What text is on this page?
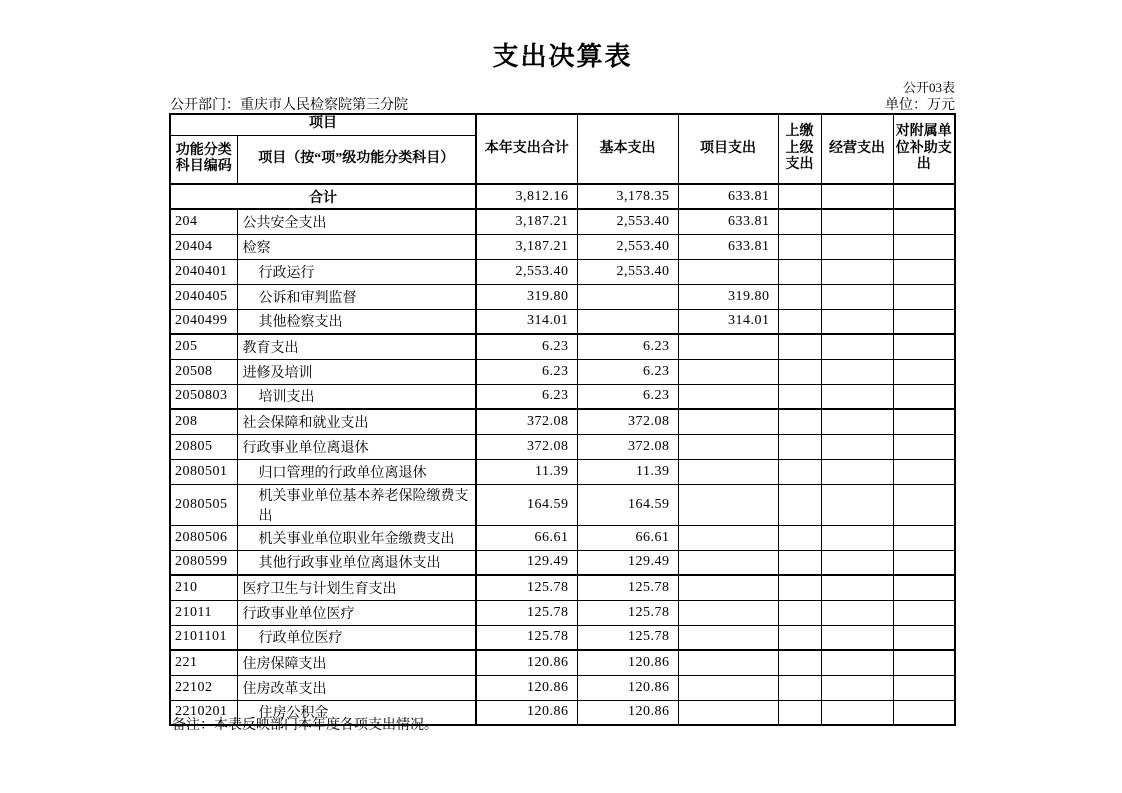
支出决算表
公开03表
公开部门：重庆市人民检察院第三分院	单位：万元
项目		本年支出合计	基本支出	项目支出	上缴上级支出	经营支出	对附属单位补助支出
功能分类科目编码	项目（按“项”级功能分类科目）						
合计		3,812.16	3,178.35	633.81			
204	公共安全支出	3,187.21	2,553.40	633.81			
20404	检察	3,187.21	2,553.40	633.81			
2040401	行政运行	2,553.40	2,553.40				
2040405	公诉和审判监督	319.80		319.80			
2040499	其他检察支出	314.01		314.01			
205	教育支出	6.23	6.23				
20508	进修及培训	6.23	6.23				
2050803	培训支出	6.23	6.23				
208	社会保障和就业支出	372.08	372.08				
20805	行政事业单位离退休	372.08	372.08				
2080501	归口管理的行政单位离退休	11.39	11.39				
2080505	机关事业单位基本养老保险缴费支出	164.59	164.59				
2080506	机关事业单位职业年金缴费支出	66.61	66.61				
2080599	其他行政事业单位离退休支出	129.49	129.49				
210	医疗卫生与计划生育支出	125.78	125.78				
21011	行政事业单位医疗	125.78	125.78				
2101101	行政单位医疗	125.78	125.78				
221	住房保障支出	120.86	120.86				
22102	住房改革支出	120.86	120.86				
2210201	住房公积金	120.86	120.86				
备注：本表反映部门本年度各项支出情况。
